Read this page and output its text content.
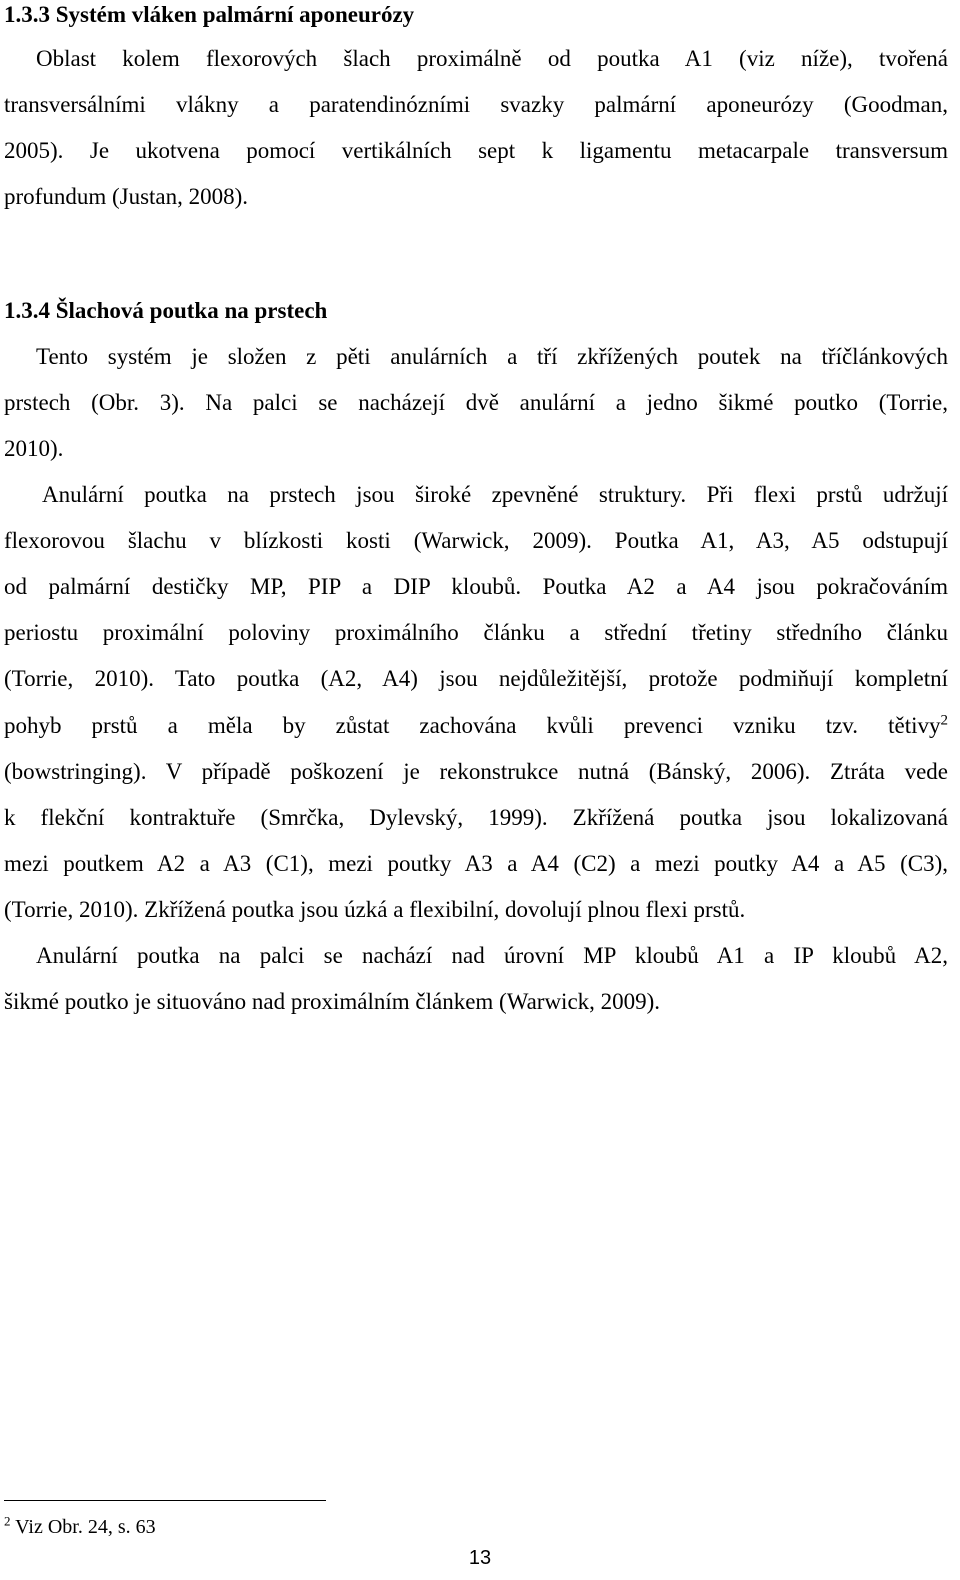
1.3.3 Systém vláken palmární aponeurózy
Oblast kolem flexorových šlach proximálně od poutka A1 (viz níže), tvořená
transversálními vlákny a paratendinózními svazky palmární aponeurózy (Goodman,
2005). Je ukotvena pomocí vertikálních sept k ligamentu metacarpale transversum
profundum (Justan, 2008).
1.3.4 Šlachová poutka na prstech
Tento systém je složen z pěti anulárních a tří zkřížených poutek na tříčlánkových
prstech (Obr. 3). Na palci se nacházejí dvě anulární a jedno šikmé poutko (Torrie,
2010).
Anulární poutka na prstech jsou široké zpevněné struktury. Při flexi prstů udržují
flexorovou šlachu v blízkosti kosti (Warwick, 2009). Poutka A1, A3, A5 odstupují
od palmární destičky MP, PIP a DIP kloubů. Poutka A2 a A4 jsou pokračováním
periostu proximální poloviny proximálního článku a střední třetiny středního článku
(Torrie, 2010). Tato poutka (A2, A4) jsou nejdůležitější, protože podmiňují kompletní
pohyb prstů a měla by zůstat zachována kvůli prevenci vzniku tzv. tětivy$^2$
(bowstringing). V případě poškození je rekonstrukce nutná (Bánský, 2006). Ztráta vede
k flekční kontraktuře (Smrčka, Dylevský, 1999). Zkřížená poutka jsou lokalizovaná
mezi poutkem A2 a A3 (C1), mezi poutky A3 a A4 (C2) a mezi poutky A4 a A5 (C3),
(Torrie, 2010). Zkřížená poutka jsou úzká a flexibilní, dovolují plnou flexi prstů.
Anulární poutka na palci se nachází nad úrovní MP kloubů A1 a IP kloubů A2,
šikmé poutko je situováno nad proximálním článkem (Warwick, 2009).
$^2$ Viz Obr. 24, s. 63
13
